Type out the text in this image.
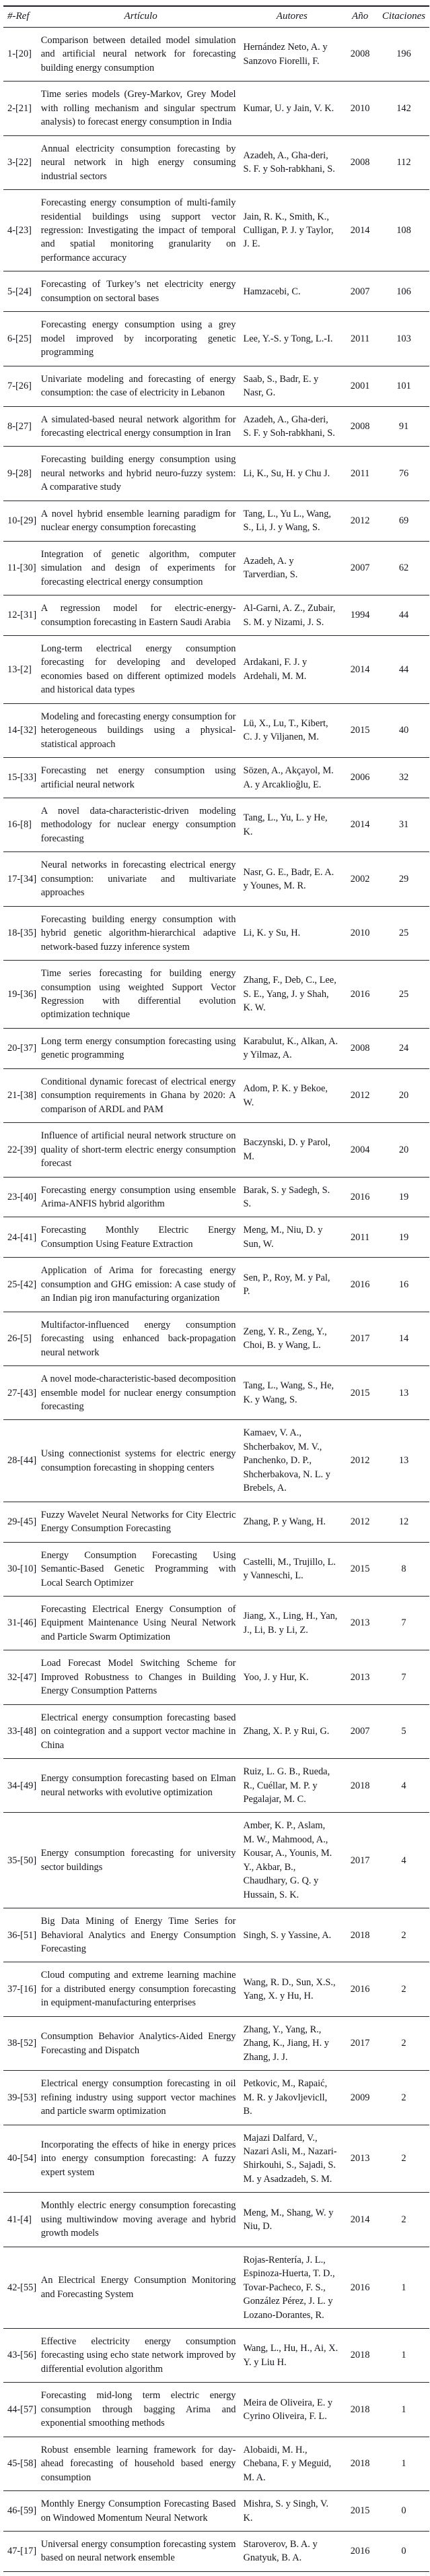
#-Ref	Artículo	Autores	Año	Citaciones
1-[20]	Comparison between detailed model simulation and artificial neural network for forecasting building energy consumption	Hernández Neto, A. y Sanzovo Fiorelli, F.	2008	196
2-[21]	Time series models (Grey-Markov, Grey Model with rolling mechanism and singular spectrum analysis) to forecast energy consumption in India	Kumar, U. y Jain, V. K.	2010	142
3-[22]	Annual electricity consumption forecasting by neural network in high energy consuming industrial sectors	Azadeh, A., Gha-deri, S. F. y Soh-rabkhani, S.	2008	112
4-[23]	Forecasting energy consumption of multi-family residential buildings using support vector regression: Investigating the impact of temporal and spatial monitoring granularity on performance accuracy	Jain, R. K., Smith, K., Culligan, P. J. y Taylor, J. E.	2014	108
5-[24]	Forecasting of Turkey’s net electricity energy consumption on sectoral bases	Hamzacebi, C.	2007	106
6-[25]	Forecasting energy consumption using a grey model improved by incorporating genetic programming	Lee, Y.-S. y Tong, L.-I.	2011	103
7-[26]	Univariate modeling and forecasting of energy consumption: the case of electricity in Lebanon	Saab, S., Badr, E. y Nasr, G.	2001	101
8-[27]	A simulated-based neural network algorithm for forecasting electrical energy consumption in Iran	Azadeh, A., Gha-deri, S. F. y Soh-rabkhani, S.	2008	91
9-[28]	Forecasting building energy consumption using neural networks and hybrid neuro-fuzzy system: A comparative study	Li, K., Su, H. y Chu J.	2011	76
10-[29]	A novel hybrid ensemble learning paradigm for nuclear energy consumption forecasting	Tang, L., Yu L., Wang, S., Li, J. y Wang, S.	2012	69
11-[30]	Integration of genetic algorithm, computer simulation and design of experiments for forecasting electrical energy consumption	Azadeh, A. y Tarverdian, S.	2007	62
12-[31]	A regression model for electric-energy-consumption forecasting in Eastern Saudi Arabia	Al-Garni, A. Z., Zubair, S. M. y Nizami, J. S.	1994	44
13-[2]	Long-term electrical energy consumption forecasting for developing and developed economies based on different optimized models and historical data types	Ardakani, F. J. y Ardehali, M. M.	2014	44
14-[32]	Modeling and forecasting energy consumption for heterogeneous buildings using a physical-statistical approach	Lü, X., Lu, T., Kibert, C. J. y Viljanen, M.	2015	40
15-[33]	Forecasting net energy consumption using artificial neural network	Sözen, A., Akçayol, M. A. y Arcaklioğlu, E.	2006	32
16-[8]	A novel data-characteristic-driven modeling methodology for nuclear energy consumption forecasting	Tang, L., Yu, L. y He, K.	2014	31
17-[34]	Neural networks in forecasting electrical energy consumption: univariate and multivariate approaches	Nasr, G. E., Badr, E. A. y Younes, M. R.	2002	29
18-[35]	Forecasting building energy consumption with hybrid genetic algorithm-hierarchical adaptive network-based fuzzy inference system	Li, K. y Su, H.	2010	25
19-[36]	Time series forecasting for building energy consumption using weighted Support Vector Regression with differential evolution optimization technique	Zhang, F., Deb, C., Lee, S. E., Yang, J. y Shah, K. W.	2016	25
20-[37]	Long term energy consumption forecasting using genetic programming	Karabulut, K., Alkan, A. y Yilmaz, A.	2008	24
21-[38]	Conditional dynamic forecast of electrical energy consumption requirements in Ghana by 2020: A comparison of ARDL and PAM	Adom, P. K. y Bekoe, W.	2012	20
22-[39]	Influence of artificial neural network structure on quality of short-term electric energy consumption forecast	Baczynski, D. y Parol, M.	2004	20
23-[40]	Forecasting energy consumption using ensemble Arima-ANFIS hybrid algorithm	Barak, S. y Sadegh, S. S.	2016	19
24-[41]	Forecasting Monthly Electric Energy Consumption Using Feature Extraction	Meng, M., Niu, D. y Sun, W.	2011	19
25-[42]	Application of Arima for forecasting energy consumption and GHG emission: A case study of an Indian pig iron manufacturing organization	Sen, P., Roy, M. y Pal, P.	2016	16
26-[5]	Multifactor-influenced energy consumption forecasting using enhanced back-propagation neural network	Zeng, Y. R., Zeng, Y., Choi, B. y Wang, L.	2017	14
27-[43]	A novel mode-characteristic-based decomposition ensemble model for nuclear energy consumption forecasting	Tang, L., Wang, S., He, K. y Wang, S.	2015	13
28-[44]	Using connectionist systems for electric energy consumption forecasting in shopping centers	Kamaev, V. A., Shcherbakov, M. V., Panchenko, D. P., Shcherbakova, N. L. y Brebels, A.	2012	13
29-[45]	Fuzzy Wavelet Neural Networks for City Electric Energy Consumption Forecasting	Zhang, P. y Wang, H.	2012	12
30-[10]	Energy Consumption Forecasting Using Semantic-Based Genetic Programming with Local Search Optimizer	Castelli, M., Trujillo, L. y Vanneschi, L.	2015	8
31-[46]	Forecasting Electrical Energy Consumption of Equipment Maintenance Using Neural Network and Particle Swarm Optimization	Jiang, X., Ling, H., Yan, J., Li, B. y Li, Z.	2013	7
32-[47]	Load Forecast Model Switching Scheme for Improved Robustness to Changes in Building Energy Consumption Patterns	Yoo, J. y Hur, K.	2013	7
33-[48]	Electrical energy consumption forecasting based on cointegration and a support vector machine in China	Zhang, X. P. y Rui, G.	2007	5
34-[49]	Energy consumption forecasting based on Elman neural networks with evolutive optimization	Ruiz, L. G. B., Rueda, R., Cuéllar, M. P. y Pegalajar, M. C.	2018	4
35-[50]	Energy consumption forecasting for university sector buildings	Amber, K. P., Aslam, M. W., Mahmood, A., Kousar, A., Younis, M. Y., Akbar, B., Chaudhary, G. Q. y Hussain, S. K.	2017	4
36-[51]	Big Data Mining of Energy Time Series for Behavioral Analytics and Energy Consumption Forecasting	Singh, S. y Yassine, A.	2018	2
37-[16]	Cloud computing and extreme learning machine for a distributed energy consumption forecasting in equipment-manufacturing enterprises	Wang, R. D., Sun, X.S., Yang, X. y Hu, H.	2016	2
38-[52]	Consumption Behavior Analytics-Aided Energy Forecasting and Dispatch	Zhang, Y., Yang, R., Zhang, K., Jiang, H. y Zhang, J. J.	2017	2
39-[53]	Electrical energy consumption forecasting in oil refining industry using support vector machines and particle swarm optimization	Petkovic, M., Rapaić, M. R. y Jakovljevicll, B.	2009	2
40-[54]	Incorporating the effects of hike in energy prices into energy consumption forecasting: A fuzzy expert system	Majazi Dalfard, V., Nazari Asli, M., Nazari-Shirkouhi, S., Sajadi, S. M. y Asadzadeh, S. M.	2013	2
41-[4]	Monthly electric energy consumption forecasting using multiwindow moving average and hybrid growth models	Meng, M., Shang, W. y Niu, D.	2014	2
42-[55]	An Electrical Energy Consumption Monitoring and Forecasting System	Rojas-Rentería, J. L., Espinoza-Huerta, T. D., Tovar-Pacheco, F. S., González Pérez, J. L. y Lozano-Dorantes, R.	2016	1
43-[56]	Effective electricity energy consumption forecasting using echo state network improved by differential evolution algorithm	Wang, L., Hu, H., Ai, X. Y. y Liu H.	2018	1
44-[57]	Forecasting mid-long term electric energy consumption through bagging Arima and exponential smoothing methods	Meira de Oliveira, E. y Cyrino Oliveira, F. L.	2018	1
45-[58]	Robust ensemble learning framework for day-ahead forecasting of household based energy consumption	Alobaidi, M. H., Chebana, F. y Meguid, M. A.	2018	1
46-[59]	Monthly Energy Consumption Forecasting Based on Windowed Momentum Neural Network	Mishra, S. y Singh, V. K.	2015	0
47-[17]	Universal energy consumption forecasting system based on neural network ensemble	Staroverov, B. A. y Gnatyuk, B. A.	2016	0
